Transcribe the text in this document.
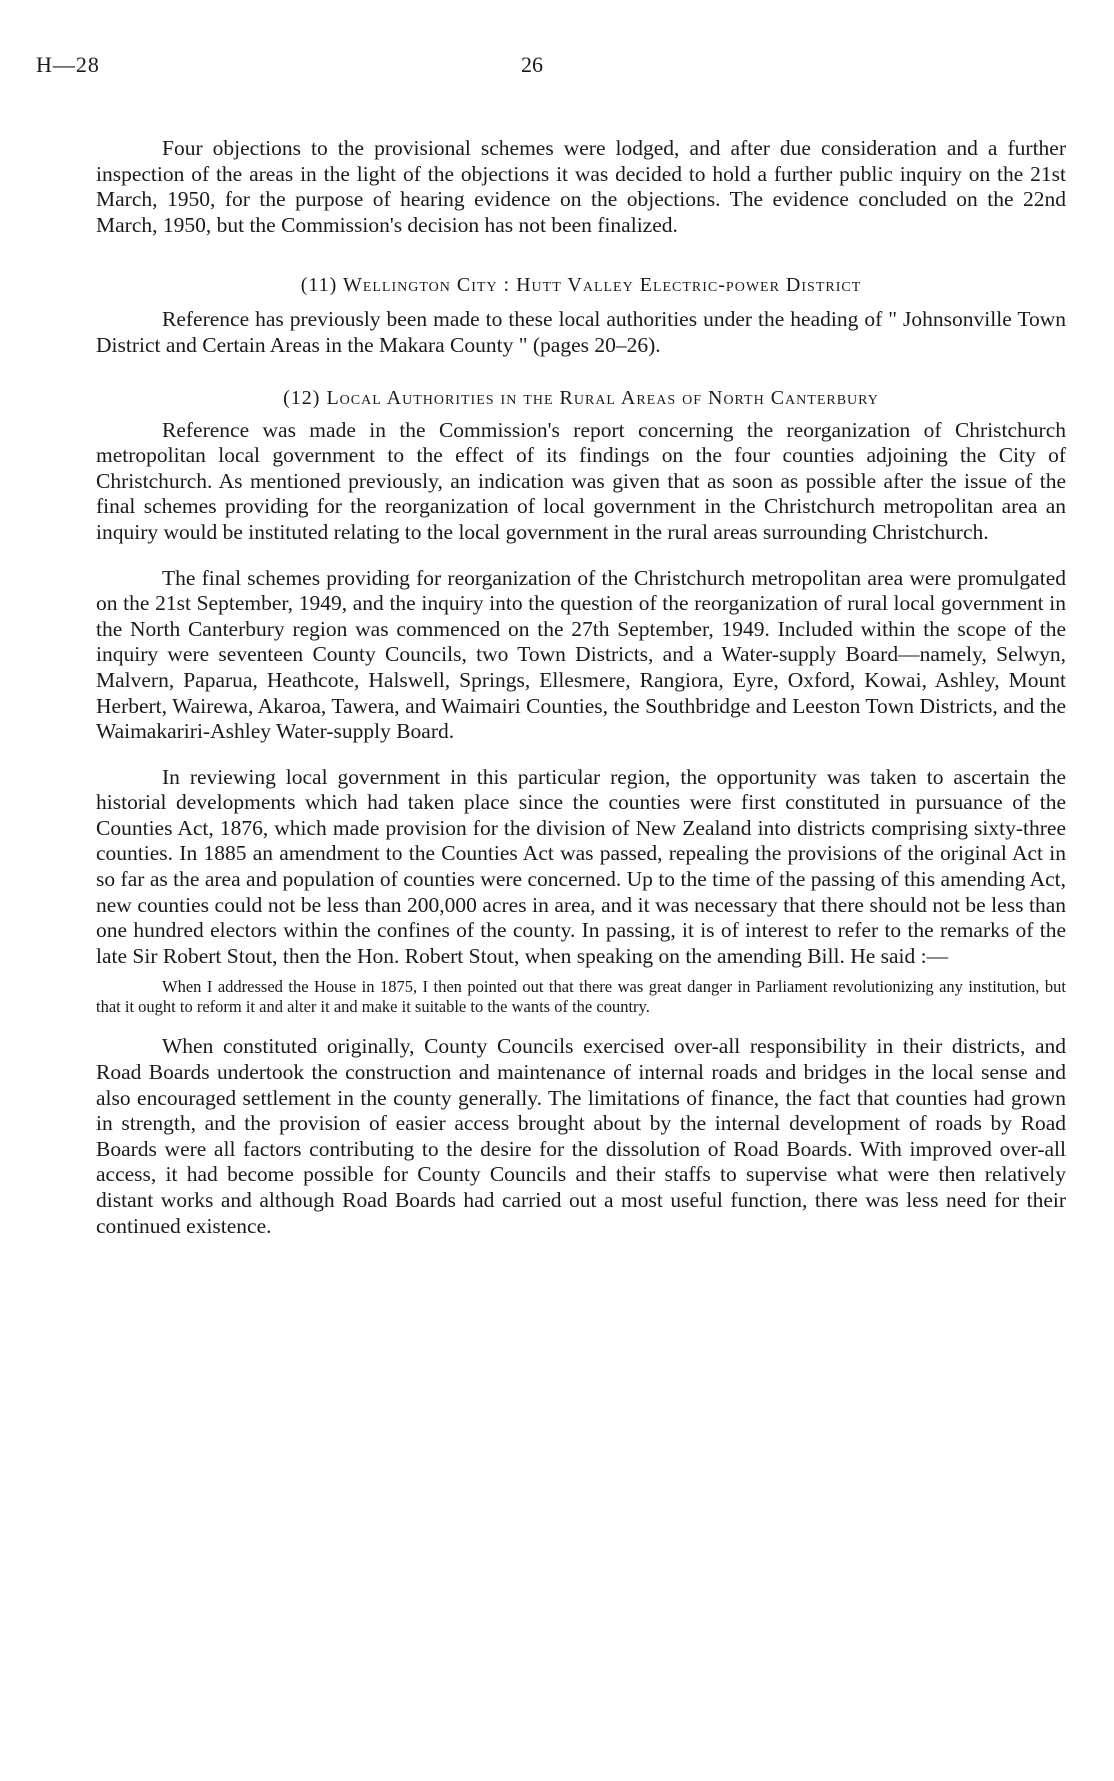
H—28	26

Four objections to the provisional schemes were lodged, and after due consideration and a further inspection of the areas in the light of the objections it was decided to hold a further public inquiry on the 21st March, 1950, for the purpose of hearing evidence on the objections. The evidence concluded on the 22nd March, 1950, but the Commission's decision has not been finalized.

(11) Wellington City : Hutt Valley Electric-power District

Reference has previously been made to these local authorities under the heading of " Johnsonville Town District and Certain Areas in the Makara County " (pages 20–26).

(12) Local Authorities in the Rural Areas of North Canterbury

Reference was made in the Commission's report concerning the reorganization of Christchurch metropolitan local government to the effect of its findings on the four counties adjoining the City of Christchurch. As mentioned previously, an indication was given that as soon as possible after the issue of the final schemes providing for the reorganization of local government in the Christchurch metropolitan area an inquiry would be instituted relating to the local government in the rural areas surrounding Christchurch.

The final schemes providing for reorganization of the Christchurch metropolitan area were promulgated on the 21st September, 1949, and the inquiry into the question of the reorganization of rural local government in the North Canterbury region was commenced on the 27th September, 1949. Included within the scope of the inquiry were seventeen County Councils, two Town Districts, and a Water-supply Board—namely, Selwyn, Malvern, Paparua, Heathcote, Halswell, Springs, Ellesmere, Rangiora, Eyre, Oxford, Kowai, Ashley, Mount Herbert, Wairewa, Akaroa, Tawera, and Waimairi Counties, the Southbridge and Leeston Town Districts, and the Waimakariri-Ashley Water-supply Board.

In reviewing local government in this particular region, the opportunity was taken to ascertain the historial developments which had taken place since the counties were first constituted in pursuance of the Counties Act, 1876, which made provision for the division of New Zealand into districts comprising sixty-three counties. In 1885 an amendment to the Counties Act was passed, repealing the provisions of the original Act in so far as the area and population of counties were concerned. Up to the time of the passing of this amending Act, new counties could not be less than 200,000 acres in area, and it was necessary that there should not be less than one hundred electors within the confines of the county. In passing, it is of interest to refer to the remarks of the late Sir Robert Stout, then the Hon. Robert Stout, when speaking on the amending Bill. He said :—

When I addressed the House in 1875, I then pointed out that there was great danger in Parliament revolutionizing any institution, but that it ought to reform it and alter it and make it suitable to the wants of the country.

When constituted originally, County Councils exercised over-all responsibility in their districts, and Road Boards undertook the construction and maintenance of internal roads and bridges in the local sense and also encouraged settlement in the county generally. The limitations of finance, the fact that counties had grown in strength, and the provision of easier access brought about by the internal development of roads by Road Boards were all factors contributing to the desire for the dissolution of Road Boards. With improved over-all access, it had become possible for County Councils and their staffs to supervise what were then relatively distant works and although Road Boards had carried out a most useful function, there was less need for their continued existence.
